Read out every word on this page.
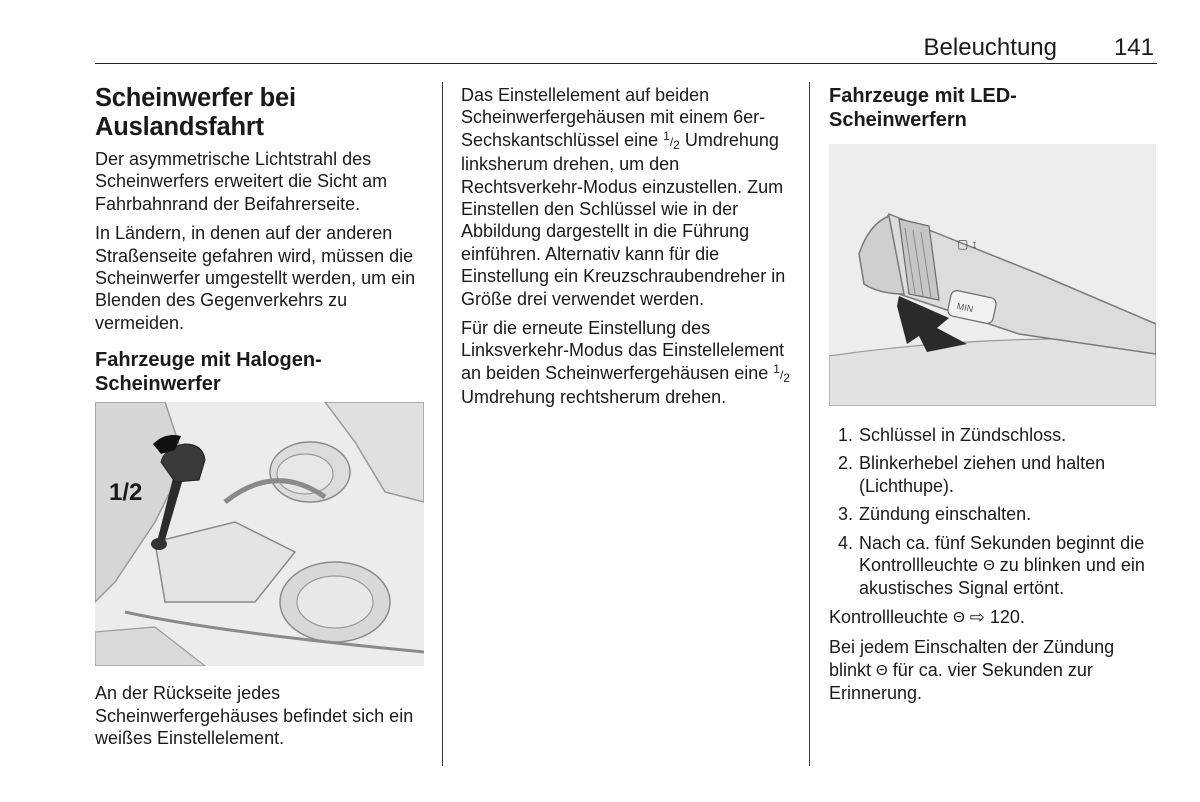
Beleuchtung	141
Scheinwerfer bei Auslandsfahrt

Der asymmetrische Lichtstrahl des Scheinwerfers erweitert die Sicht am Fahrbahnrand der Beifahrerseite.

In Ländern, in denen auf der anderen Straßenseite gefahren wird, müssen die Scheinwerfer umgestellt werden, um ein Blenden des Gegenverkehrs zu vermeiden.

Fahrzeuge mit Halogen-Scheinwerfer
1/2

An der Rückseite jedes Scheinwerfergehäuses befindet sich ein weißes Einstellelement.

Das Einstellelement auf beiden Scheinwerfergehäusen mit einem 6er-Sechskantschlüssel eine 1/2 Umdrehung linksherum drehen, um den Rechtsverkehr-Modus einzustellen. Zum Einstellen den Schlüssel wie in der Abbildung dargestellt in die Führung einführen. Alternativ kann für die Einstellung ein Kreuzschraubendreher in Größe drei verwendet werden.

Für die erneute Einstellung des Linksverkehr-Modus das Einstellelement an beiden Scheinwerfergehäusen eine 1/2 Umdrehung rechtsherum drehen.

Fahrzeuge mit LED-Scheinwerfern
MIN
▢ ↕
1. Schlüssel in Zündschloss.
2. Blinkerhebel ziehen und halten (Lichthupe).
3. Zündung einschalten.
4. Nach ca. fünf Sekunden beginnt die Kontrollleuchte Θ zu blinken und ein akustisches Signal ertönt.

Kontrollleuchte Θ ⇨ 120.

Bei jedem Einschalten der Zündung blinkt Θ für ca. vier Sekunden zur Erinnerung.
